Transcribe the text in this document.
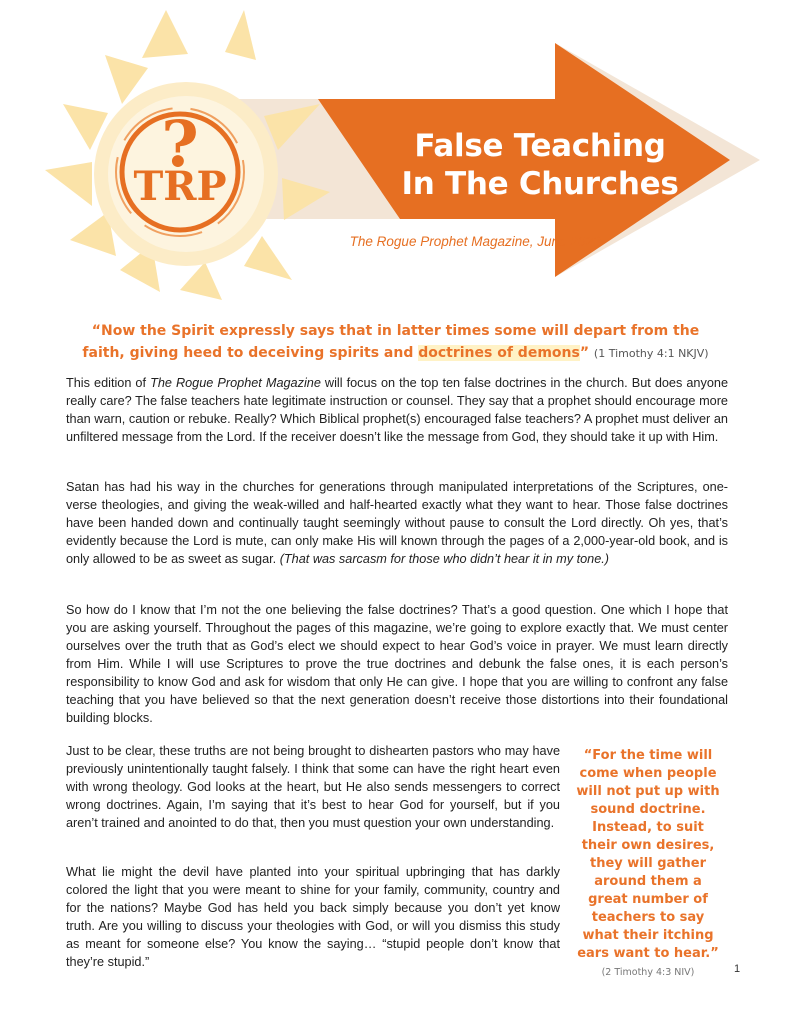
?
TRP
False Teaching
In The Churches
The Rogue Prophet Magazine, June 2023
“Now the Spirit expressly says that in latter times some will depart from the faith, giving heed to deceiving spirits and doctrines of demons” (1 Timothy 4:1 NKJV)
This edition of The Rogue Prophet Magazine will focus on the top ten false doctrines in the church. But does anyone really care? The false teachers hate legitimate instruction or counsel. They say that a prophet should encourage more than warn, caution or rebuke. Really? Which Biblical prophet(s) encouraged false teachers? A prophet must deliver an unfiltered message from the Lord. If the receiver doesn’t like the message from God, they should take it up with Him.
Satan has had his way in the churches for generations through manipulated interpretations of the Scriptures, one-verse theologies, and giving the weak-willed and half-hearted exactly what they want to hear. Those false doctrines have been handed down and continually taught seemingly without pause to consult the Lord directly. Oh yes, that’s evidently because the Lord is mute, can only make His will known through the pages of a 2,000-year-old book, and is only allowed to be as sweet as sugar. (That was sarcasm for those who didn’t hear it in my tone.)
So how do I know that I’m not the one believing the false doctrines? That’s a good question. One which I hope that you are asking yourself. Throughout the pages of this magazine, we’re going to explore exactly that. We must center ourselves over the truth that as God’s elect we should expect to hear God’s voice in prayer. We must learn directly from Him. While I will use Scriptures to prove the true doctrines and debunk the false ones, it is each person’s responsibility to know God and ask for wisdom that only He can give. I hope that you are willing to confront any false teaching that you have believed so that the next generation doesn’t receive those distortions into their foundational building blocks.
Just to be clear, these truths are not being brought to dishearten pastors who may have previously unintentionally taught falsely. I think that some can have the right heart even with wrong theology. God looks at the heart, but He also sends messengers to correct wrong doctrines. Again, I’m saying that it’s best to hear God for yourself, but if you aren’t trained and anointed to do that, then you must question your own understanding.
What lie might the devil have planted into your spiritual upbringing that has darkly colored the light that you were meant to shine for your family, community, country and for the nations? Maybe God has held you back simply because you don’t yet know truth. Are you willing to discuss your theologies with God, or will you dismiss this study as meant for someone else? You know the saying… “stupid people don’t know that they’re stupid.”
“For the time will come when people will not put up with sound doctrine. Instead, to suit their own desires, they will gather around them a great number of teachers to say what their itching ears want to hear.” (2 Timothy 4:3 NIV)	1
